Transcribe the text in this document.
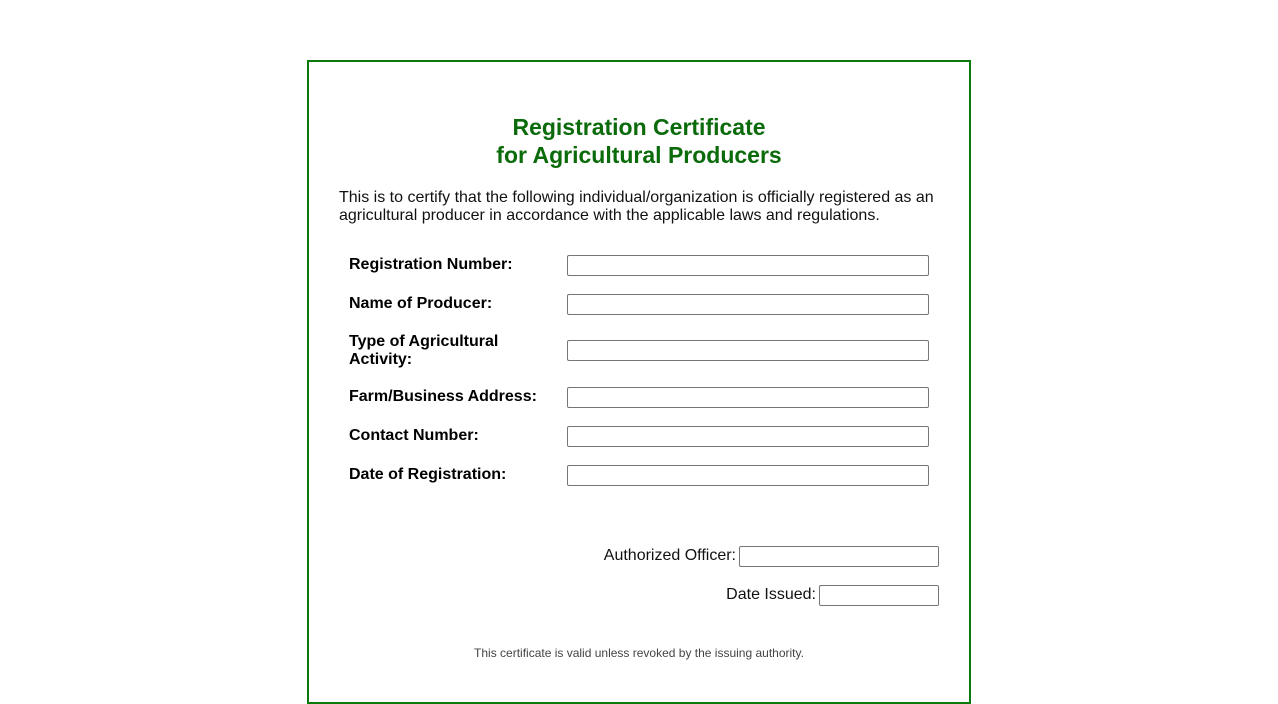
Registration Certificate
for Agricultural Producers
This is to certify that the following individual/organization is officially registered as an agricultural producer in accordance with the applicable laws and regulations.
Registration Number:
Name of Producer:
Type of Agricultural Activity:
Farm/Business Address:
Contact Number:
Date of Registration:
Authorized Officer:
Date Issued:
This certificate is valid unless revoked by the issuing authority.
